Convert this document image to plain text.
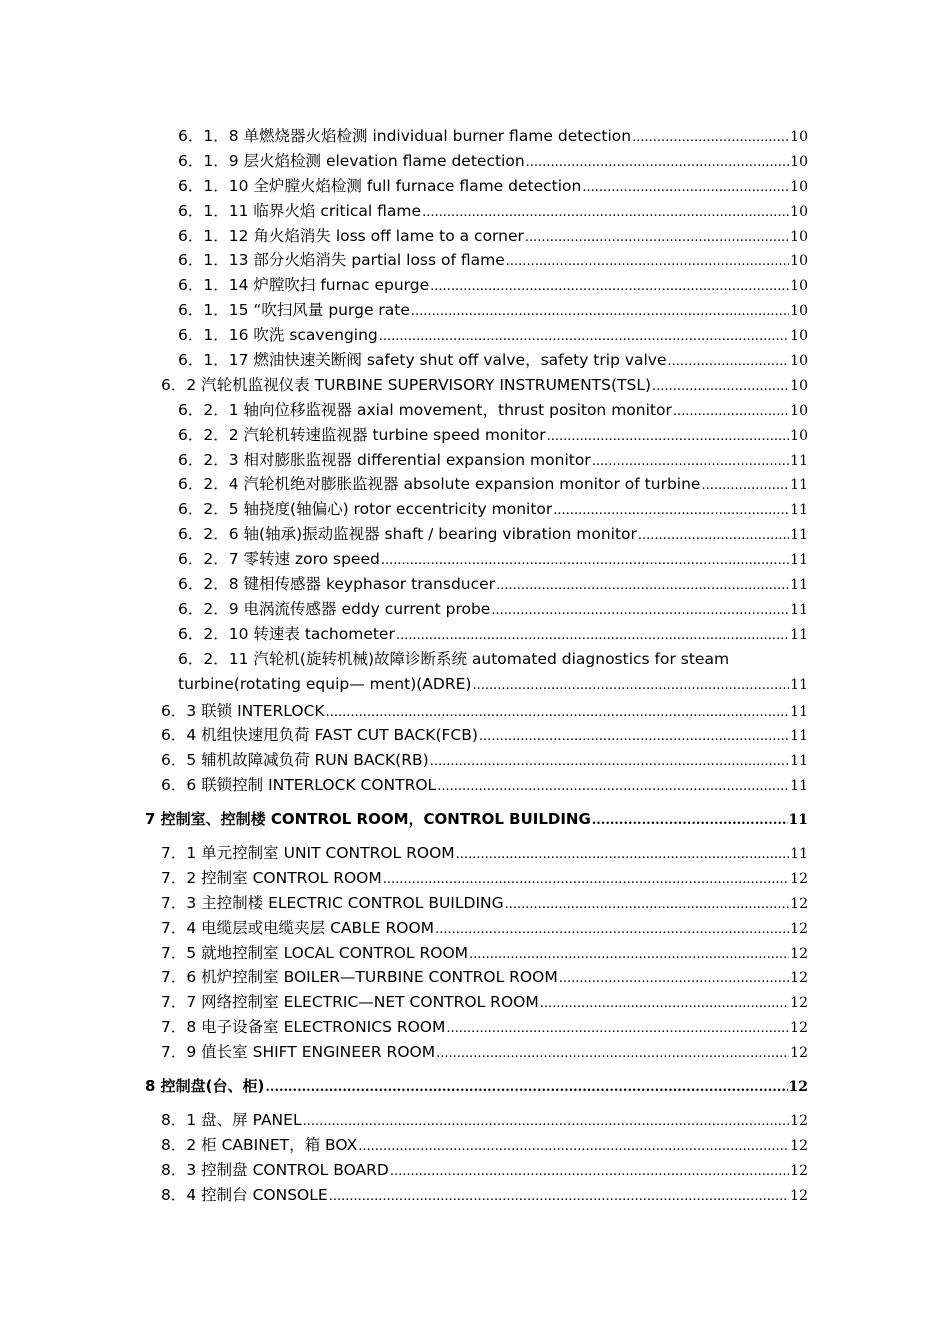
6．1．8
单燃烧器火焰检测 individual burner flame detection .....	10
6．1．9
层火焰检测 elevation flame detection .....	10
6．1．10
全炉膛火焰检测 full furnace flame detection .....	10
6．1．11
临界火焰 critical flame .....	10
6．1．12
角火焰消失 loss off lame to a corner .....	10
6．1．13
部分火焰消失 partial loss of flame .....	10
6．1．14
炉膛吹扫 furnac epurge .....	10
6．1．15
“吹扫风量 purge rate .....	10
6．1．16
吹洗 scavenging .....	10
6．1．17
燃油快速关断阀 safety shut off valve，safety trip valve .....	10
6．2
汽轮机监视仪表 TURBINE SUPERVISORY INSTRUMENTS(TSL) .....	10
6．2．1
轴向位移监视器 axial movement，thrust positon monitor .....	10
6．2．2
汽轮机转速监视器 turbine speed monitor .....	10
6．2．3
相对膨胀监视器 differential expansion monitor .....	11
6．2．4
汽轮机绝对膨胀监视器 absolute expansion monitor of turbine .....	11
6．2．5
轴挠度(轴偏心) rotor eccentricity monitor .....	11
6．2．6
轴(轴承)振动监视器 shaft / bearing vibration monitor .....	11
6．2．7
零转速 zoro speed .....	11
6．2．8
键相传感器 keyphasor transducer .....	11
6．2．9
电涡流传感器 eddy current probe .....	11
6．2．10
转速表 tachometer .....	11
6．2．11 汽轮机(旋转机械)故障诊断系统 automated diagnostics for steam
turbine(rotating equip— ment)(ADRE) .....	11
6．3
联锁 INTERLOCK .....	11
6．4
机组快速甩负荷 FAST CUT BACK(FCB) .....	11
6．5
辅机故障减负荷 RUN BACK(RB) .....	11
6．6
联锁控制 INTERLOCK CONTROL .....	11
7
控制室、控制楼 CONTROL ROOM，CONTROL BUILDING .....	11
7．1
单元控制室 UNIT CONTROL ROOM .....	11
7．2
控制室 CONTROL ROOM .....	12
7．3
主控制楼 ELECTRIC CONTROL BUILDING .....	12
7．4
电缆层或电缆夹层 CABLE ROOM .....	12
7．5
就地控制室 LOCAL CONTROL ROOM .....	12
7．6
机炉控制室 BOILER—TURBINE CONTROL ROOM .....	12
7．7
网络控制室 ELECTRIC—NET CONTROL ROOM .....	12
7．8
电子设备室 ELECTRONICS ROOM .....	12
7．9
值长室 SHIFT ENGINEER ROOM .....	12
8
控制盘(台、柜) .....	12
8．1
盘、屏 PANEL .....	12
8．2
柜 CABINET，箱 BOX .....	12
8．3
控制盘 CONTROL BOARD .....	12
8．4
控制台 CONSOLE .....	12
